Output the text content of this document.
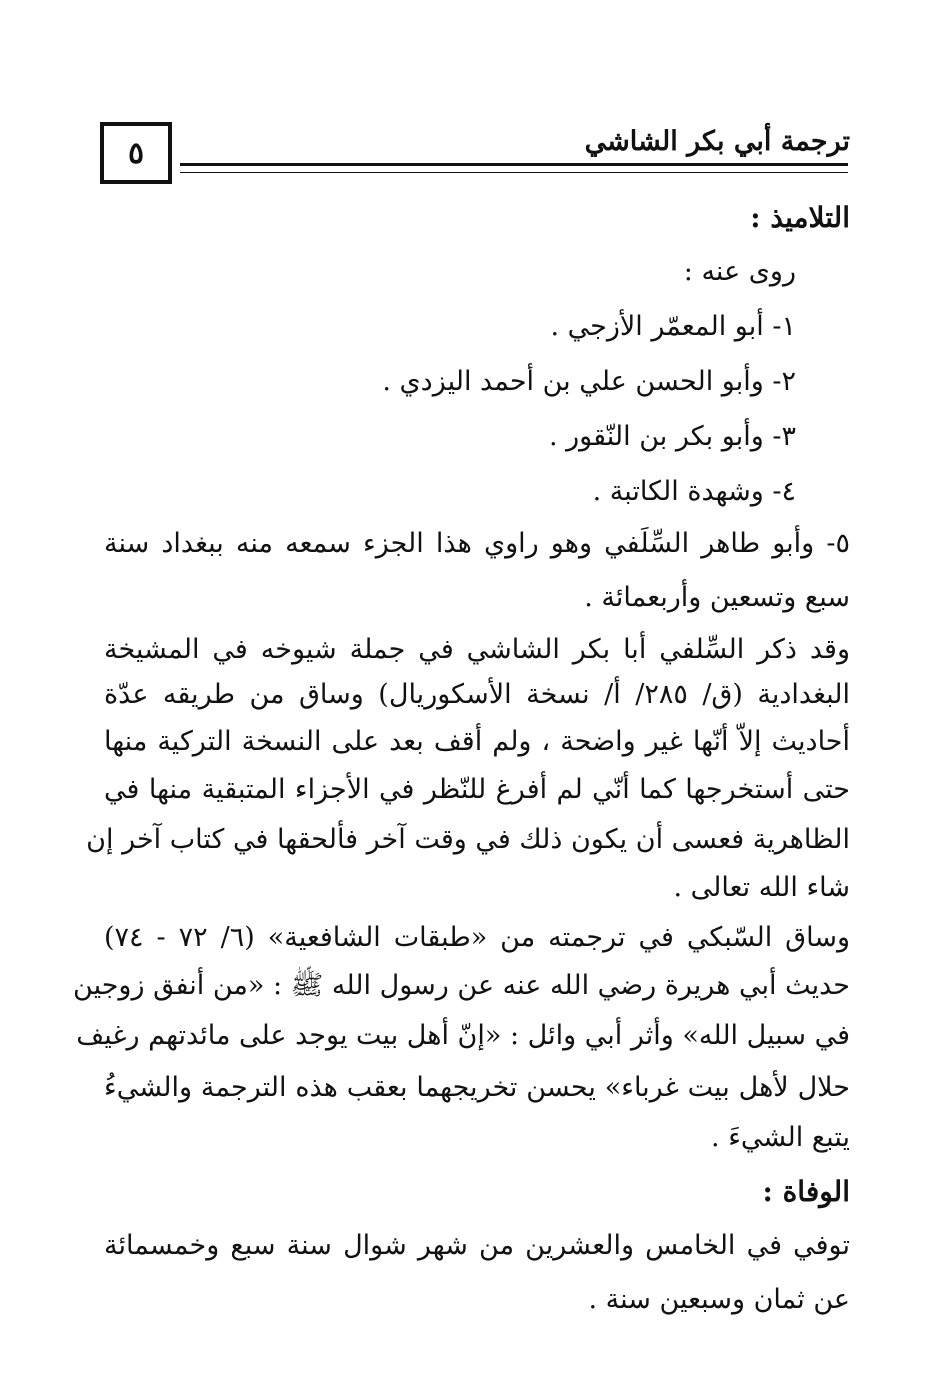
٥	ترجمة أبي بكر الشاشي
التلاميذ :
روى عنه :
١- أبو المعمّر الأزجي .
٢- وأبو الحسن علي بن أحمد اليزدي .
٣- وأبو بكر بن النّقور .
٤- وشهدة الكاتبة .
٥- وأبو طاهر السِّلَفي وهو راوي هذا الجزء سمعه منه ببغداد سنة
سبع وتسعين وأربعمائة .
وقد ذكر السِّلفي أبا بكر الشاشي في جملة شيوخه في المشيخة
البغدادية (ق/ ٢٨٥/ أ/ نسخة الأسكوريال) وساق من طريقه عدّة
أحاديث إلاّ أنّها غير واضحة ، ولم أقف بعد على النسخة التركية منها
حتى أستخرجها كما أنّي لم أفرغ للنّظر في الأجزاء المتبقية منها في
الظاهرية فعسى أن يكون ذلك في وقت آخر فألحقها في كتاب آخر إن
شاء الله تعالى .
وساق السّبكي في ترجمته من «طبقات الشافعية» (٦/ ٧٢ - ٧٤)
حديث أبي هريرة رضي الله عنه عن رسول الله ﷺ : «من أنفق زوجين
في سبيل الله» وأثر أبي وائل : «إنّ أهل بيت يوجد على مائدتهم رغيف
حلال لأهل بيت غرباء» يحسن تخريجهما بعقب هذه الترجمة والشيءُ
يتبع الشيءَ .
الوفاة :
توفي في الخامس والعشرين من شهر شوال سنة سبع وخمسمائة
عن ثمان وسبعين سنة .
